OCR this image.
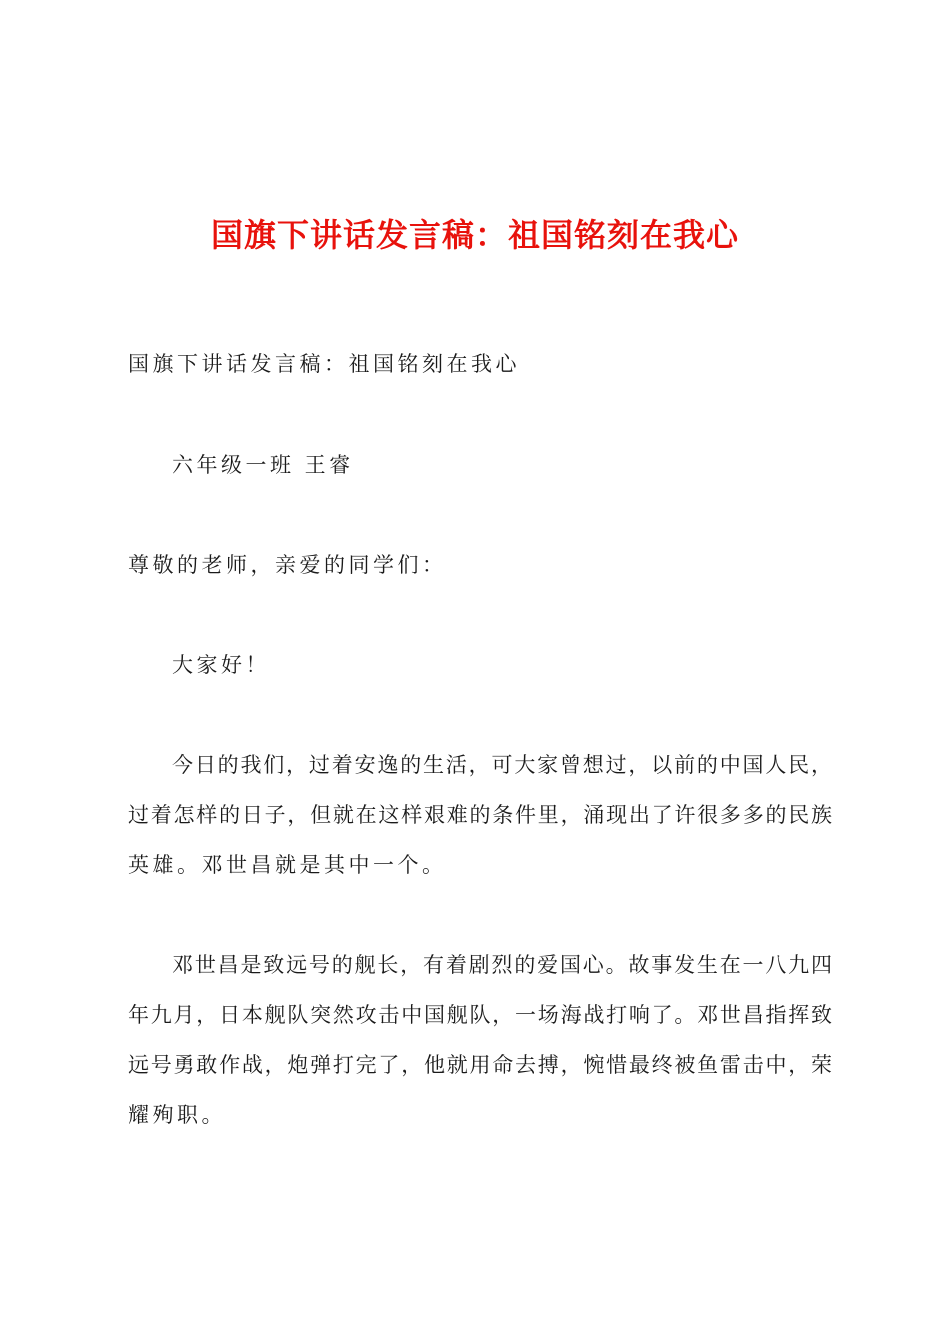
国旗下讲话发言稿：祖国铭刻在我心
国旗下讲话发言稿：祖国铭刻在我心
六年级一班 王睿
尊敬的老师，亲爱的同学们：
大家好！
今日的我们，过着安逸的生活，可大家曾想过，以前的中国人民，
过着怎样的日子，但就在这样艰难的条件里，涌现出了许很多多的民族
英雄。邓世昌就是其中一个。
邓世昌是致远号的舰长，有着剧烈的爱国心。故事发生在一八九四
年九月，日本舰队突然攻击中国舰队，一场海战打响了。邓世昌指挥致
远号勇敢作战，炮弹打完了，他就用命去搏，惋惜最终被鱼雷击中，荣
耀殉职。
